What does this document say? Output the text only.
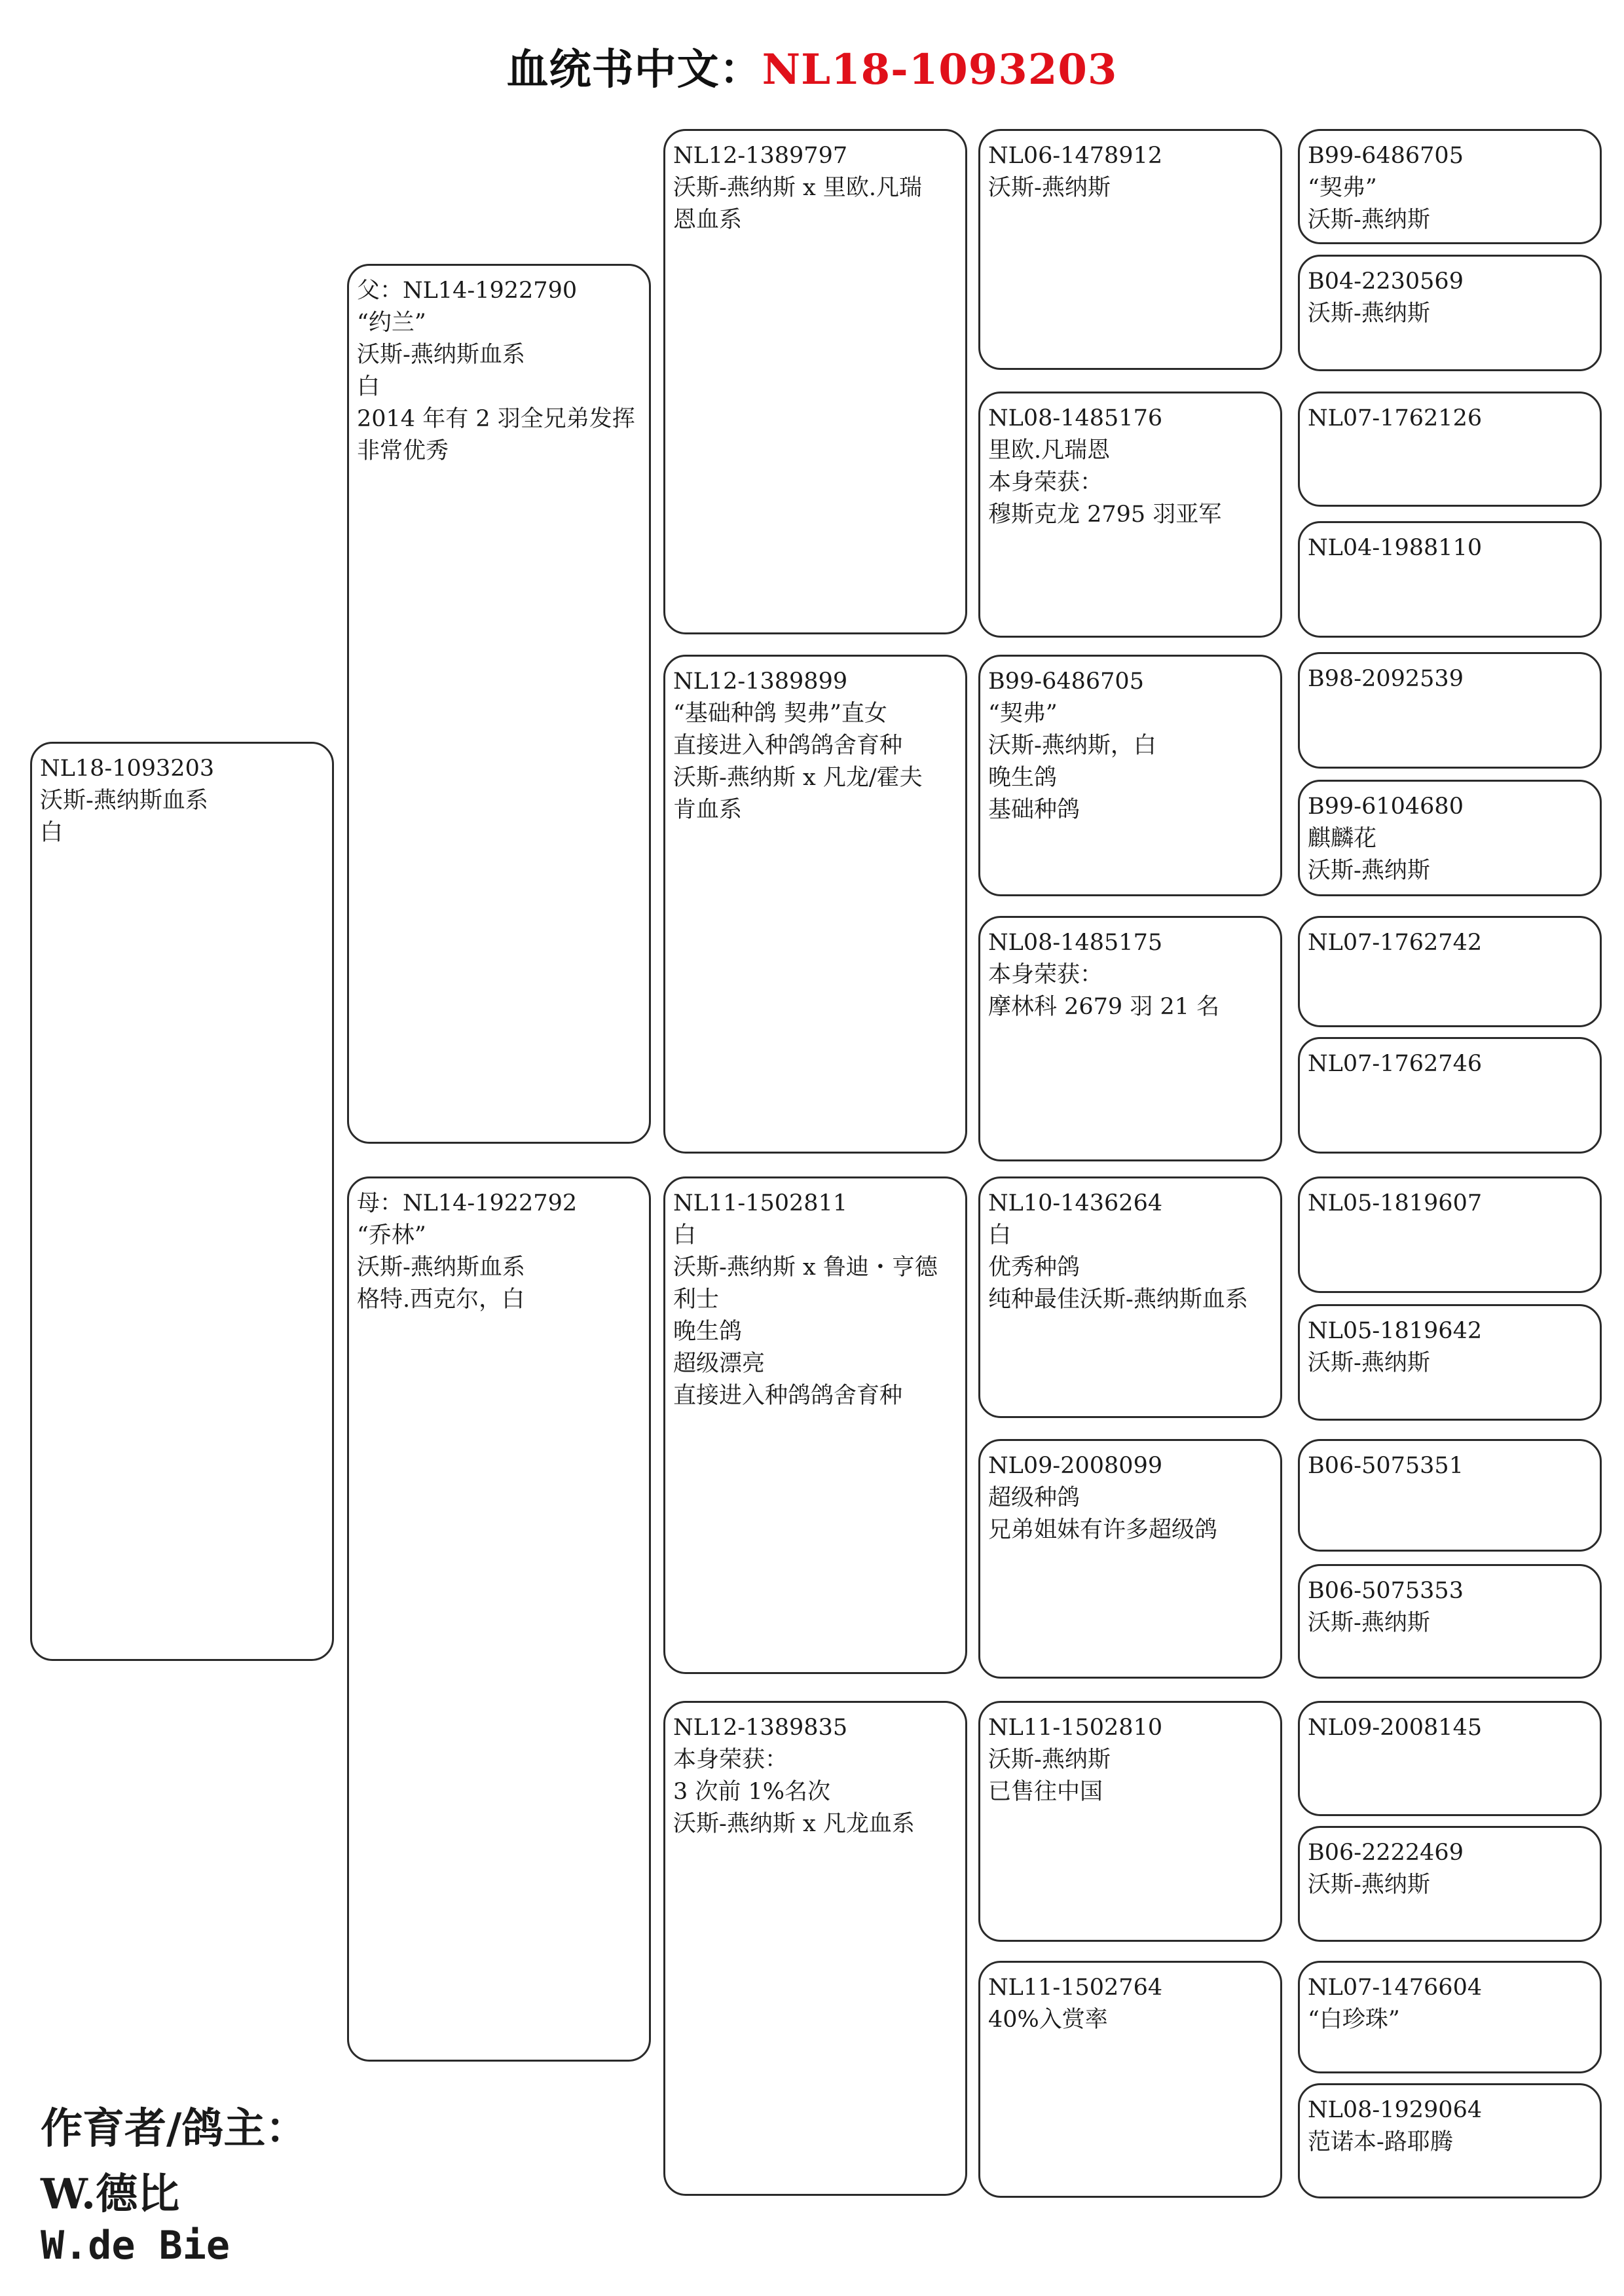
血统书中文：NL18-1093203
NL18-1093203
沃斯-燕纳斯血系
白
父：NL14-1922790
“约兰”
沃斯-燕纳斯血系
白
2014 年有 2 羽全兄弟发挥
非常优秀
母：NL14-1922792
“乔林”
沃斯-燕纳斯血系
格特.西克尔，白
NL12-1389797
沃斯-燕纳斯 x 里欧.凡瑞
恩血系
NL12-1389899
“基础种鸽 契弗”直女
直接进入种鸽鸽舍育种
沃斯-燕纳斯 x 凡龙/霍夫
肯血系
NL11-1502811
白
沃斯-燕纳斯 x 鲁迪・亨德
利士
晚生鸽
超级漂亮
直接进入种鸽鸽舍育种
NL12-1389835
本身荣获：
3 次前 1%名次
沃斯-燕纳斯 x 凡龙血系
NL06-1478912
沃斯-燕纳斯
NL08-1485176
里欧.凡瑞恩
本身荣获：
穆斯克龙 2795 羽亚军
B99-6486705
“契弗”
沃斯-燕纳斯，白
晚生鸽
基础种鸽
NL08-1485175
本身荣获：
摩林科 2679 羽 21 名
NL10-1436264
白
优秀种鸽
纯种最佳沃斯-燕纳斯血系
NL09-2008099
超级种鸽
兄弟姐妹有许多超级鸽
NL11-1502810
沃斯-燕纳斯
已售往中国
NL11-1502764
40%入赏率
B99-6486705
“契弗”
沃斯-燕纳斯
B04-2230569
沃斯-燕纳斯
NL07-1762126
NL04-1988110
B98-2092539
B99-6104680
麒麟花
沃斯-燕纳斯
NL07-1762742
NL07-1762746
NL05-1819607
NL05-1819642
沃斯-燕纳斯
B06-5075351
B06-5075353
沃斯-燕纳斯
NL09-2008145
B06-2222469
沃斯-燕纳斯
NL07-1476604
“白珍珠”
NL08-1929064
范诺本-路耶腾
作育者/鸽主：
W.德比
W.de Bie
